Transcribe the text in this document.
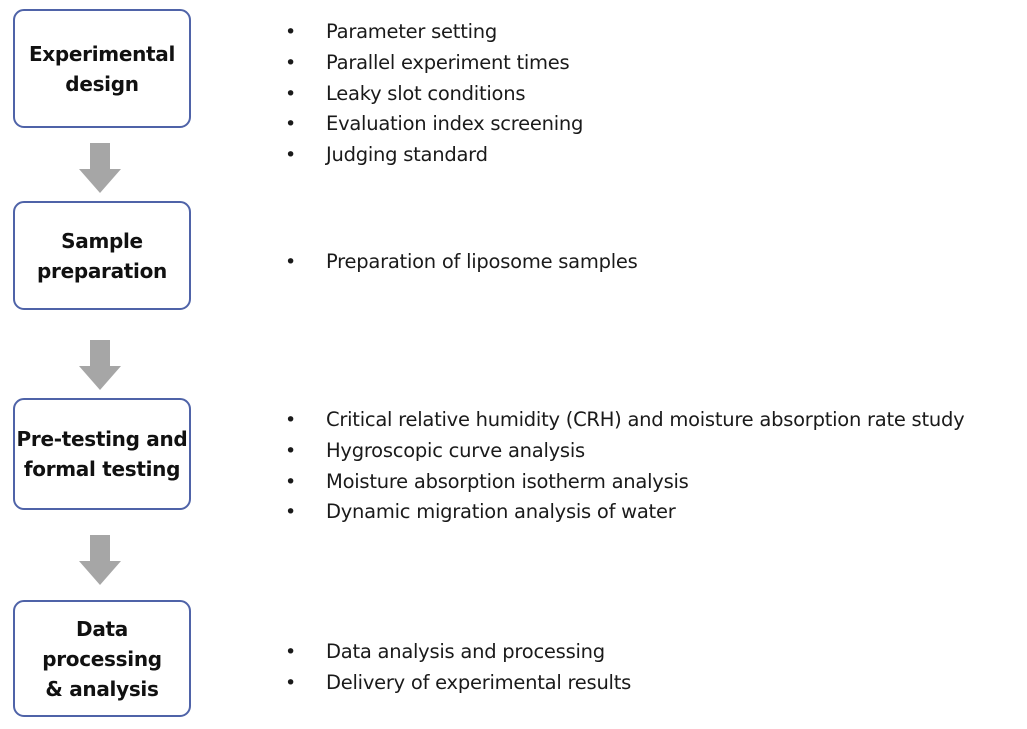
Experimental
design
Sample
preparation
Pre-testing and
formal testing
Data processing
& analysis
• Parameter setting
• Parallel experiment times
• Leaky slot conditions
• Evaluation index screening
• Judging standard
• Preparation of liposome samples
• Critical relative humidity (CRH) and moisture absorption rate study
• Hygroscopic curve analysis
• Moisture absorption isotherm analysis
• Dynamic migration analysis of water
• Data analysis and processing
• Delivery of experimental results
